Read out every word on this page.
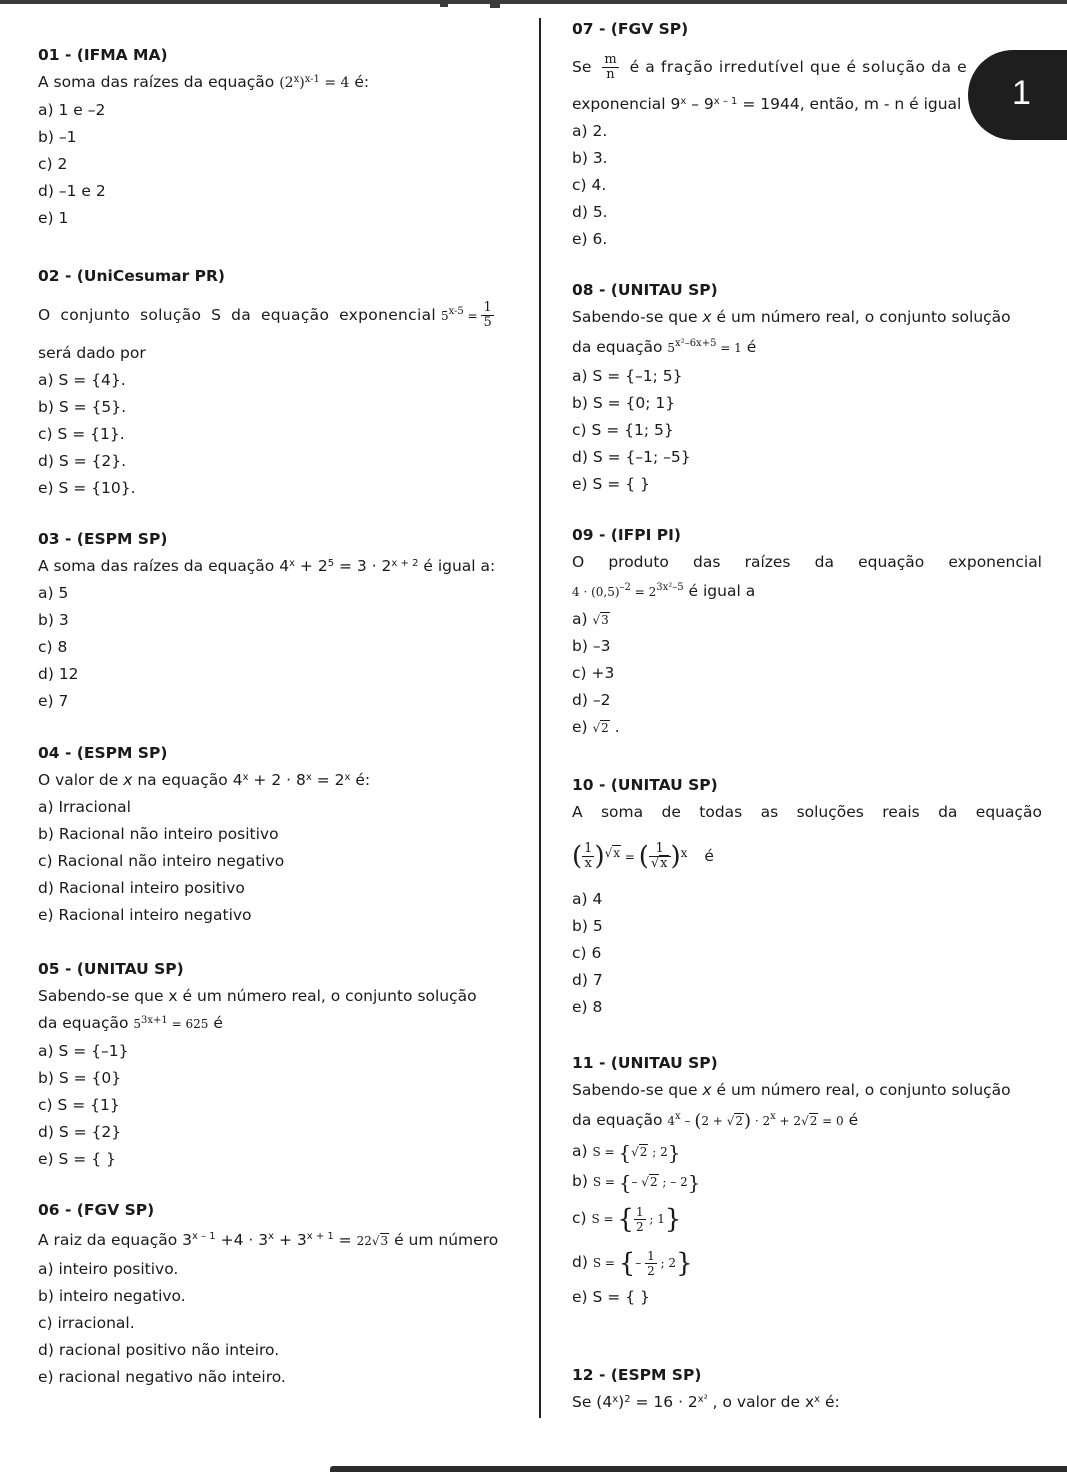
1
01 - (IFMA MA)
A soma das raízes da equação $(2^x)^{x-1} = 4$ é:
a) 1 e –2
b) –1
c) 2
d) –1 e 2
e) 1
02 - (UniCesumar PR)
O conjunto solução S da equação exponencial $5^{x-5} = \frac{1}{5}$
será dado por
a) S = {4}.
b) S = {5}.
c) S = {1}.
d) S = {2}.
e) S = {10}.
03 - (ESPM SP)
A soma das raízes da equação $4^x + 2^5 = 3 \cdot 2^{x + 2}$ é igual a:
a) 5
b) 3
c) 8
d) 12
e) 7
04 - (ESPM SP)
O valor de x na equação $4^x + 2 \cdot 8^x = 2^x$ é:
a) Irracional
b) Racional não inteiro positivo
c) Racional não inteiro negativo
d) Racional inteiro positivo
e) Racional inteiro negativo
05 - (UNITAU SP)
Sabendo-se que x é um número real, o conjunto solução
da equação $5^{3x+1} = 625$ é
a) S = {–1}
b) S = {0}
c) S = {1}
d) S = {2}
e) S = { }
06 - (FGV SP)
A raiz da equação $3^{x - 1} +4 \cdot 3^x + 3^{x + 1} = 22√3$ é um número
a) inteiro positivo.
b) inteiro negativo.
c) irracional.
d) racional positivo não inteiro.
e) racional negativo não inteiro.
07 - (FGV SP)
Se $\frac{m}{n}$ é a fração irredutível que é solução da e
exponencial $9^x - 9^{x - 1} = 1944$, então, m - n é igual
a) 2.
b) 3.
c) 4.
d) 5.
e) 6.
08 - (UNITAU SP)
Sabendo-se que x é um número real, o conjunto solução
da equação $5^{x^2-6x+5} = 1$ é
a) S = {–1; 5}
b) S = {0; 1}
c) S = {1; 5}
d) S = {–1; –5}
e) S = { }
09 - (IFPI PI)
O produto das raízes da equação exponencial
$4 \cdot (0,5)^{-2} = 2^{3x^2-5}$ é igual a
a) √3
b) –3
c) +3
d) –2
e) √2 .
10 - (UNITAU SP)
A soma de todas as soluções reais da equação
( $\frac{1}{x} )^{√x}$ = ( $\frac{1}{√x} )^x$ é
a) 4
b) 5
c) 6
d) 7
e) 8
11 - (UNITAU SP)
Sabendo-se que x é um número real, o conjunto solução
da equação $4^x - (2 + √2) \cdot 2^x + 2√2 = 0$ é
a) S = {√2 ; 2}
b) S = {– √2 ; – 2}
c) S = { $\frac{1}{2}$ ; 1}
d) S = {– $\frac{1}{2}$ ; 2}
e) S = { }
12 - (ESPM SP)
Se $(4^x)^2 = 16 \cdot 2^{x^2}$ , o valor de $x^x$ é:
